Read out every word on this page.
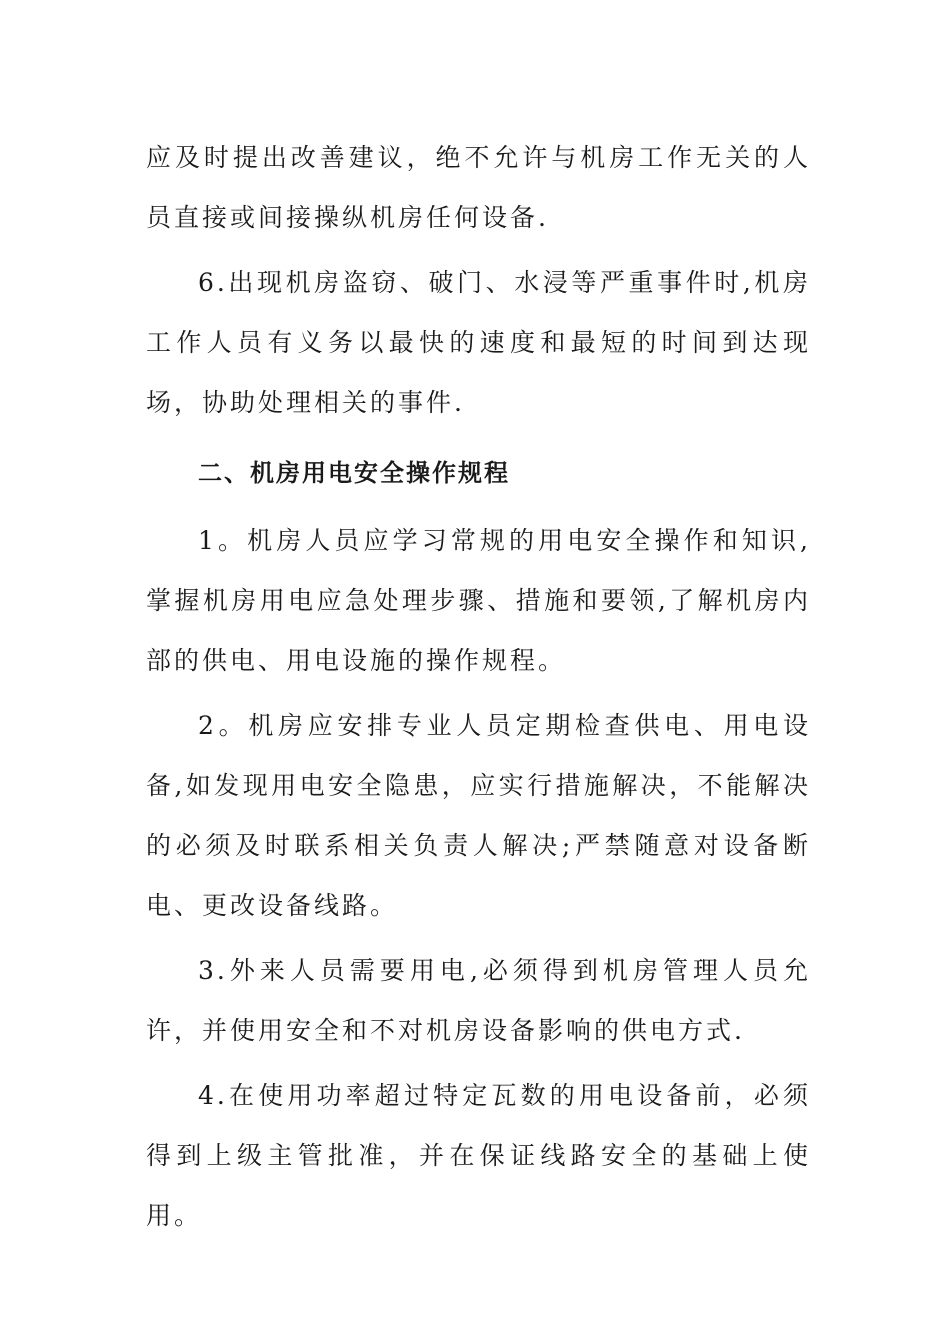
应及时提出改善建议，绝不允许与机房工作无关的人员直接或间接操纵机房任何设备.

6.出现机房盗窃、破门、水浸等严重事件时,机房工作人员有义务以最快的速度和最短的时间到达现场，协助处理相关的事件.

二、机房用电安全操作规程

1。机房人员应学习常规的用电安全操作和知识,掌握机房用电应急处理步骤、措施和要领,了解机房内部的供电、用电设施的操作规程。

2。机房应安排专业人员定期检查供电、用电设备,如发现用电安全隐患，应实行措施解决，不能解决的必须及时联系相关负责人解决;严禁随意对设备断电、更改设备线路。

3.外来人员需要用电,必须得到机房管理人员允许，并使用安全和不对机房设备影响的供电方式.

4.在使用功率超过特定瓦数的用电设备前，必须得到上级主管批准，并在保证线路安全的基础上使用。
